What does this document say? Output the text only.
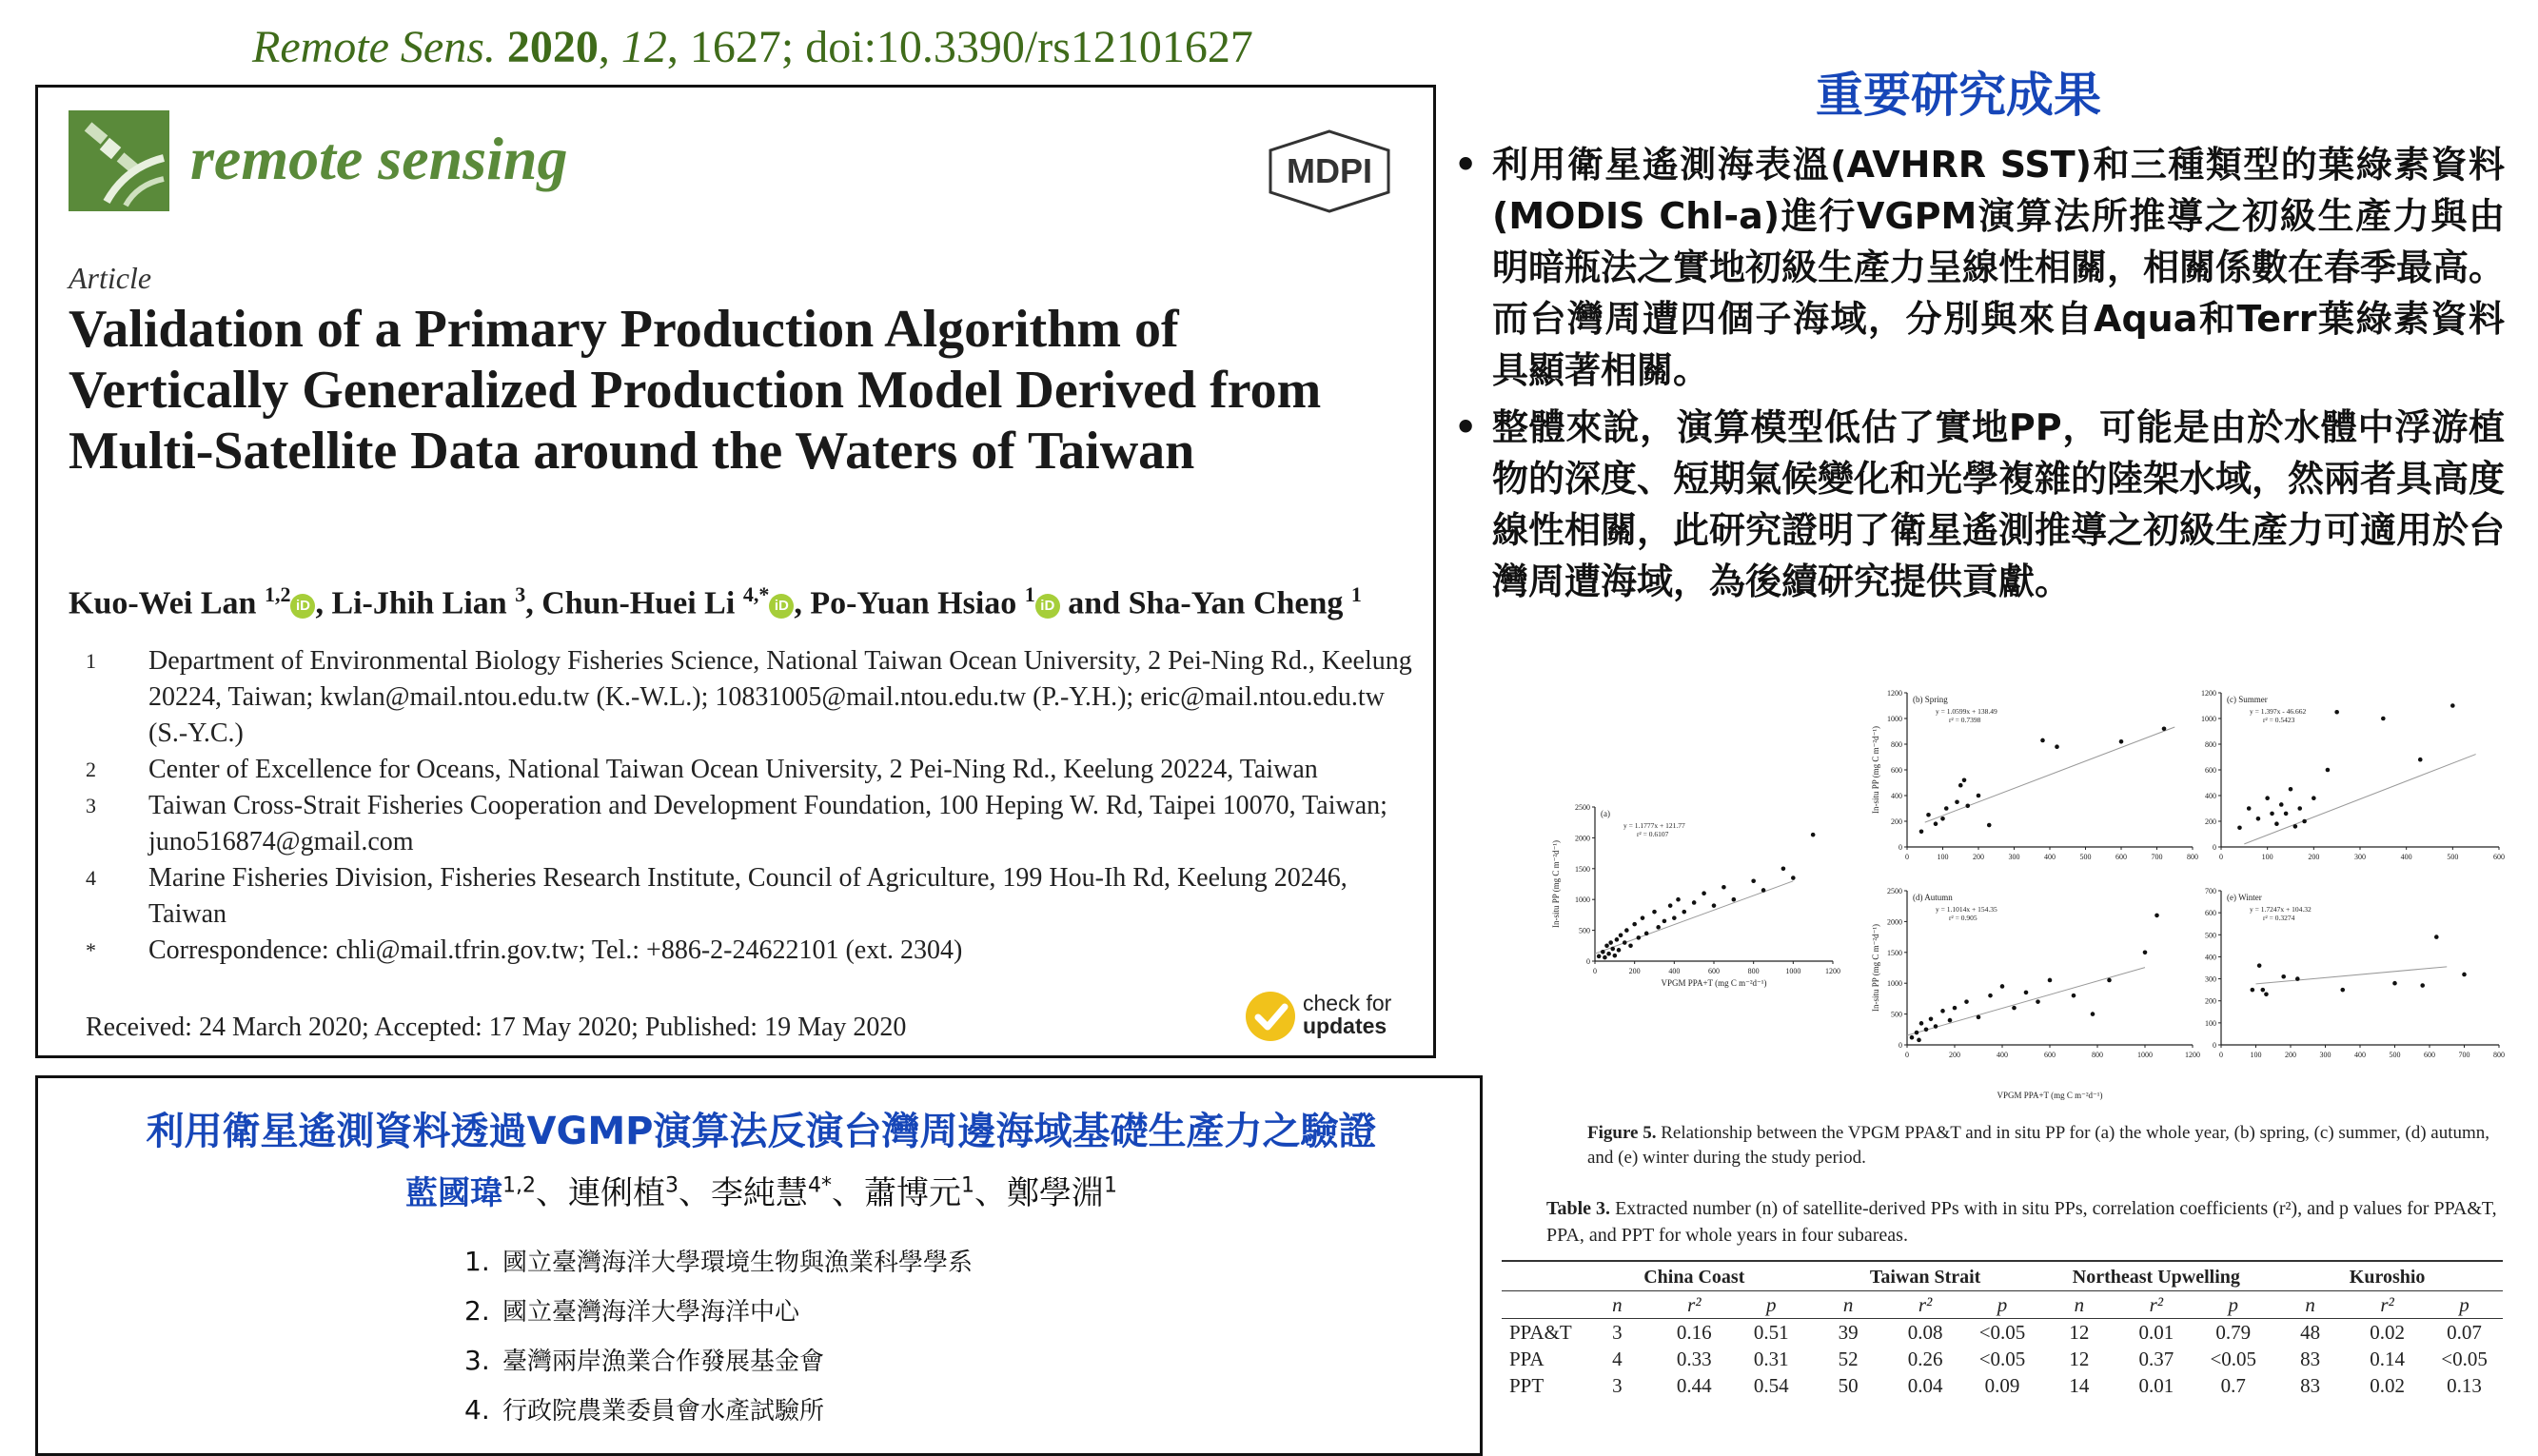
Remote Sens. 2020, 12, 1627; doi:10.3390/rs12101627
remote sensing	MDPI
Article
Validation of a Primary Production Algorithm of Vertically Generalized Production Model Derived from Multi-Satellite Data around the Waters of Taiwan
Kuo-Wei Lan $^{1,2}$ iD , Li-Jhih Lian $^3$, Chun-Huei Li $^{4,*}$ iD , Po-Yuan Hsiao $^1$ iD and Sha-Yan Cheng $^1$
1	Department of Environmental Biology Fisheries Science, National Taiwan Ocean University, 2 Pei-Ning Rd., Keelung 20224, Taiwan; kwlan@mail.ntou.edu.tw (K.-W.L.); 10831005@mail.ntou.edu.tw (P.-Y.H.); eric@mail.ntou.edu.tw (S.-Y.C.)
2	Center of Excellence for Oceans, National Taiwan Ocean University, 2 Pei-Ning Rd., Keelung 20224, Taiwan
3	Taiwan Cross-Strait Fisheries Cooperation and Development Foundation, 100 Heping W. Rd, Taipei 10070, Taiwan; juno516874@gmail.com
4	Marine Fisheries Division, Fisheries Research Institute, Council of Agriculture, 199 Hou-Ih Rd, Keelung 20246, Taiwan
*	Correspondence: chli@mail.tfrin.gov.tw; Tel.: +886-2-24622101 (ext. 2304)
Received: 24 March 2020; Accepted: 17 May 2020; Published: 19 May 2020
check for
updates
利用衛星遙測資料透過VGMP演算法反演台灣周邊海域基礎生產力之驗證
藍國瑋$^{1,2}$、連俐植$^3$、李純慧$^{4*}$、蕭博元$^1$、鄭學淵$^1$
1. 國立臺灣海洋大學環境生物與漁業科學學系
2. 國立臺灣海洋大學海洋中心
3. 臺灣兩岸漁業合作發展基金會
4. 行政院農業委員會水產試驗所
重要研究成果
• 利用衛星遙測海表溫(AVHRR SST)和三種類型的葉綠素資料(MODIS Chl-a)進行VGPM演算法所推導之初級生產力與由明暗瓶法之實地初級生產力呈線性相關，相關係數在春季最高。而台灣周遭四個子海域，分別與來自Aqua和Terr葉綠素資料具顯著相關。
• 整體來說，演算模型低估了實地PP，可能是由於水體中浮游植物的深度、短期氣候變化和光學複雜的陸架水域，然兩者具高度線性相關，此研究證明了衛星遙測推導之初級生產力可適用於台灣周遭海域，為後續研究提供貢獻。
0	200	400	600	800	1000	1200
0
500
1000
1500
2000
2500
(a)
y = 1.1777x + 121.77
r² = 0.6107
0	100	200	300	400	500	600	700	800
0
200
400
600
800
1000
1200
(b) Spring
y = 1.0599x + 138.49
r² = 0.7398
0	100	200	300	400	500	600
0
200
400
600
800
1000
1200
(c) Summer
y = 1.397x - 46.662
r² = 0.5423
0	200	400	600	800	1000	1200
0
500
1000
1500
2000
2500
(d) Autumn
y = 1.1014x + 154.35
r² = 0.905
0	100	200	300	400	500	600	700	800
0
100
200
300
400
500
600
700
(e) Winter
y = 1.7247x + 104.32
r² = 0.3274
VPGM PPA+T (mg C m⁻²d⁻¹)
VPGM PPA+T (mg C m⁻²d⁻¹)
In-situ PP (mg C m⁻²d⁻¹)
In-situ PP (mg C m⁻²d⁻¹)
In-situ PP (mg C m⁻²d⁻¹)
Figure 5. Relationship between the VPGM PPA&T and in situ PP for (a) the whole year, (b) spring, (c) summer, (d) autumn, and (e) winter during the study period.
Table 3. Extracted number (n) of satellite-derived PPs with in situ PPs, correlation coefficients (r²), and p values for PPA&T, PPA, and PPT for whole years in four subareas.
	China Coast			Taiwan Strait			Northeast Upwelling			Kuroshio		
	n	r²	p	n	r²	p	n	r²	p	n	r²	p
PPA&T	3	0.16	0.51	39	0.08	<0.05	12	0.01	0.79	48	0.02	0.07
PPA	4	0.33	0.31	52	0.26	<0.05	12	0.37	<0.05	83	0.14	<0.05
PPT	3	0.44	0.54	50	0.04	0.09	14	0.01	0.7	83	0.02	0.13
